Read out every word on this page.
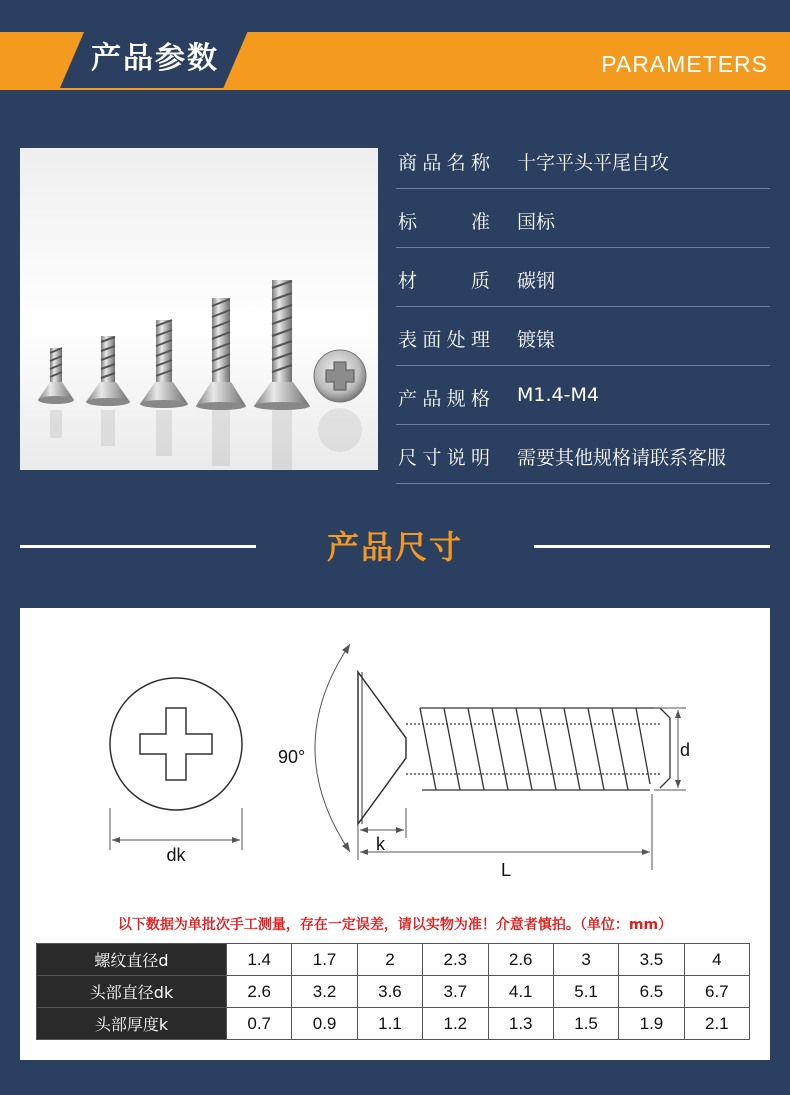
产品参数	PARAMETERS
商品名称 十字平头平尾自攻
标准 国标
材质 碳钢
表面处理 镀镍
产品规格 M1.4-M4
尺寸说明 需要其他规格请联系客服
产品尺寸
dk
90°	d
k
L
以下数据为单批次手工测量，存在一定误差，请以实物为准！介意者慎拍。（单位：mm）
螺纹直径d	1.4	1.7	2	2.3	2.6	3	3.5	4
头部直径dk	2.6	3.2	3.6	3.7	4.1	5.1	6.5	6.7
头部厚度k	0.7	0.9	1.1	1.2	1.3	1.5	1.9	2.1
